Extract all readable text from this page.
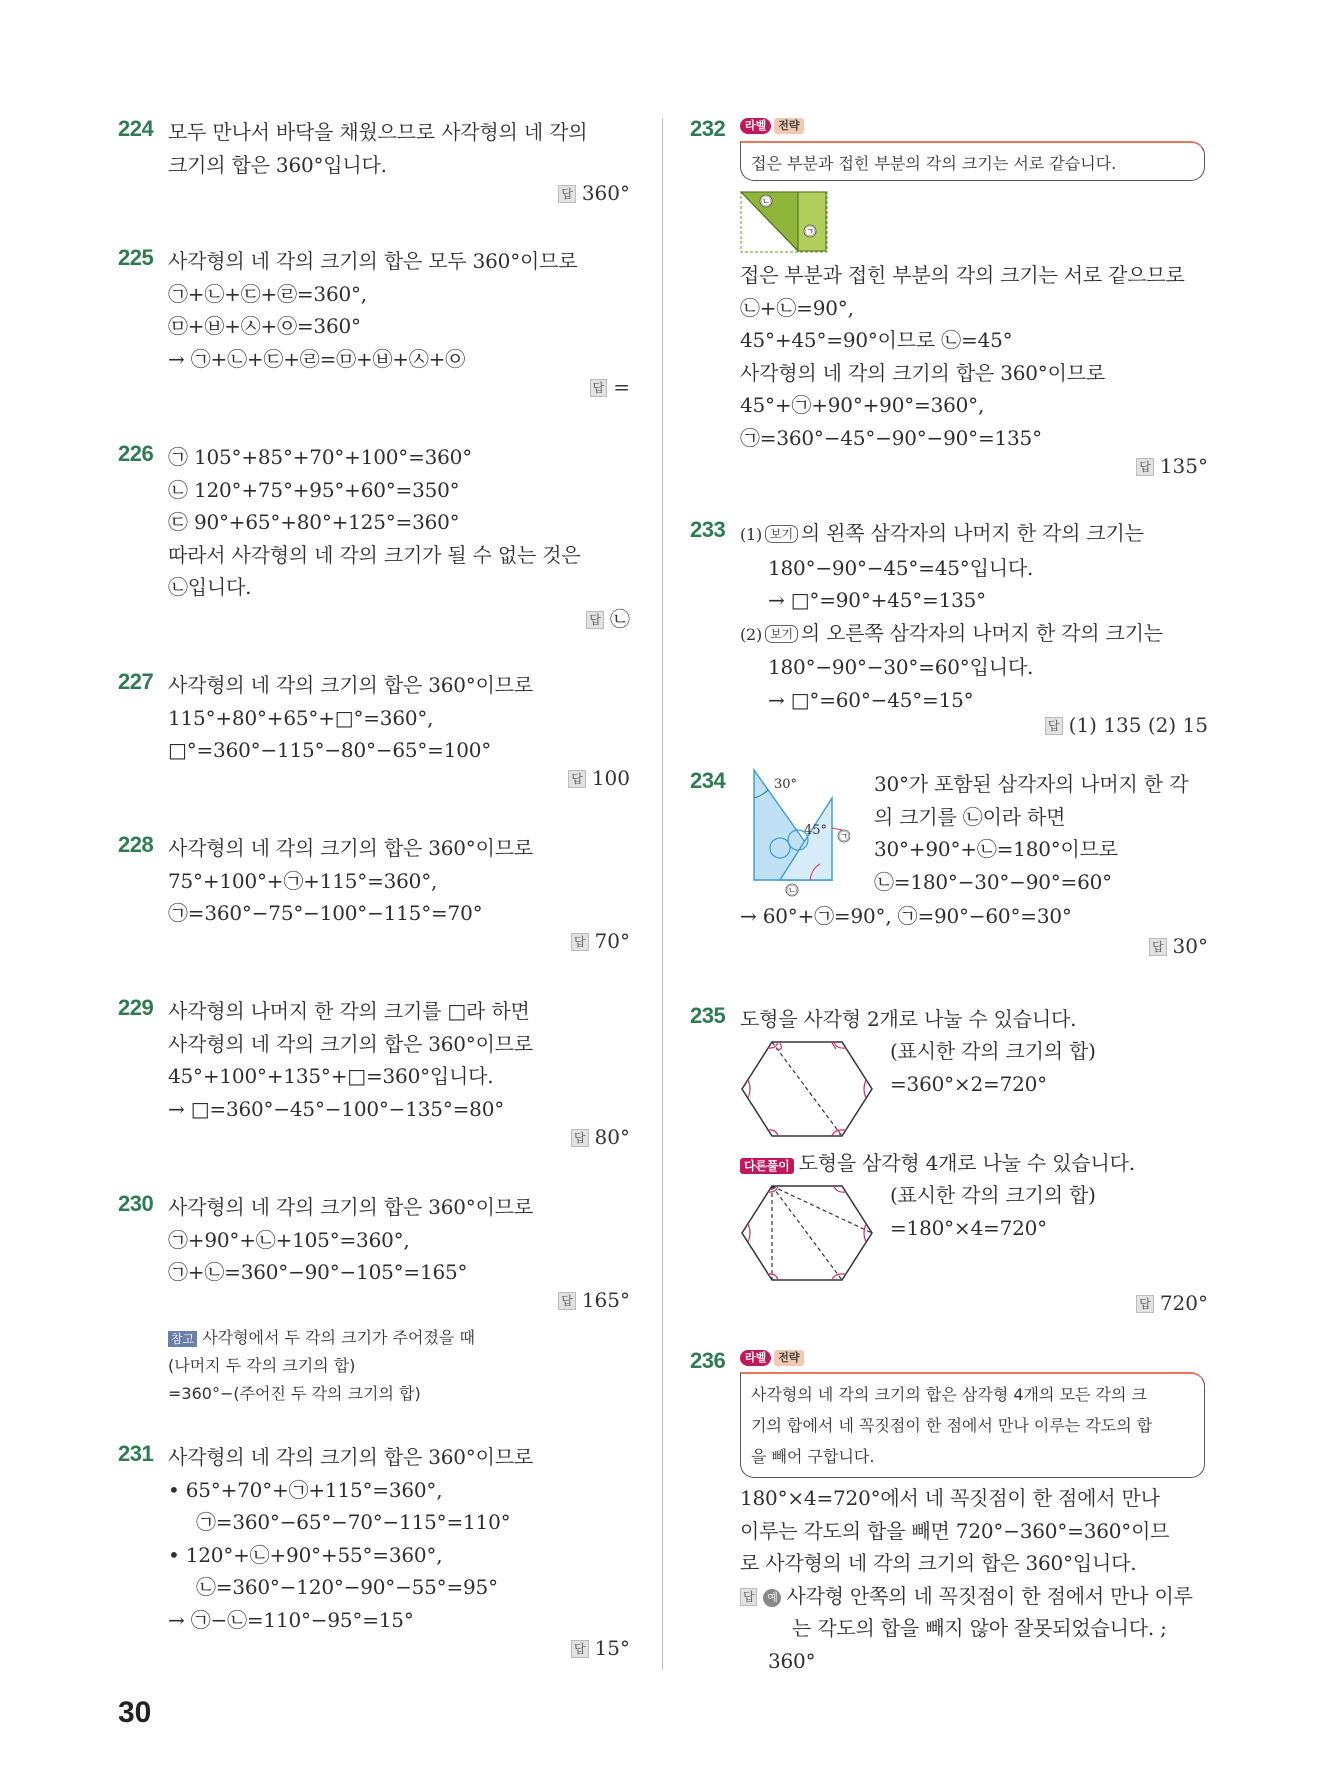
224 모두 만나서 바닥을 채웠으므로 사각형의 네 각의
크기의 합은 360°입니다.
답 360°
225 사각형의 네 각의 크기의 합은 모두 360°이므로
㉠+㉡+㉢+㉣=360°,
㉤+㉥+㉦+㉧=360°
→ ㉠+㉡+㉢+㉣=㉤+㉥+㉦+㉧
답 =
226 ㉠ 105°+85°+70°+100°=360°
㉡ 120°+75°+95°+60°=350°
㉢ 90°+65°+80°+125°=360°
따라서 사각형의 네 각의 크기가 될 수 없는 것은
㉡입니다.
답 ㉡
227 사각형의 네 각의 크기의 합은 360°이므로
115°+80°+65°+□°=360°,
□°=360°−115°−80°−65°=100°
답 100
228 사각형의 네 각의 크기의 합은 360°이므로
75°+100°+㉠+115°=360°,
㉠=360°−75°−100°−115°=70°
답 70°
229 사각형의 나머지 한 각의 크기를 □라 하면
사각형의 네 각의 크기의 합은 360°이므로
45°+100°+135°+□=360°입니다.
→ □=360°−45°−100°−135°=80°
답 80°
230 사각형의 네 각의 크기의 합은 360°이므로
㉠+90°+㉡+105°=360°,
㉠+㉡=360°−90°−105°=165°
답 165°
참고 사각형에서 두 각의 크기가 주어졌을 때
(나머지 두 각의 크기의 합)
=360°−(주어진 두 각의 크기의 합)
231 사각형의 네 각의 크기의 합은 360°이므로
• 65°+70°+㉠+115°=360°,
㉠=360°−65°−70°−115°=110°
• 120°+㉡+90°+55°=360°,
㉡=360°−120°−90°−55°=95°
→ ㉠−㉡=110°−95°=15°
답 15°
232	라벨	전략
접은 부분과 접힌 부분의 각의 크기는 서로 같습니다.
㉡
㉠
접은 부분과 접힌 부분의 각의 크기는 서로 같으므로
㉡+㉡=90°,
45°+45°=90°이므로 ㉡=45°
사각형의 네 각의 크기의 합은 360°이므로
45°+㉠+90°+90°=360°,
㉠=360°−45°−90°−90°=135°
답 135°
233 (1) 보기 의 왼쪽 삼각자의 나머지 한 각의 크기는
180°−90°−45°=45°입니다.
→ □°=90°+45°=135°
(2) 보기 의 오른쪽 삼각자의 나머지 한 각의 크기는
180°−90°−30°=60°입니다.
→ □°=60°−45°=15°
답 (1) 135 (2) 15
234	30°
45° ㉠
㉡
30°가 포함된 삼각자의 나머지 한 각
의 크기를 ㉡이라 하면
30°+90°+㉡=180°이므로
㉡=180°−30°−90°=60°
→ 60°+㉠=90°, ㉠=90°−60°=30°
답 30°
235 도형을 사각형 2개로 나눌 수 있습니다.
(표시한 각의 크기의 합)
=360°×2=720°
다른풀이 도형을 삼각형 4개로 나눌 수 있습니다.
(표시한 각의 크기의 합)
=180°×4=720°
답 720°
236	라벨	전략
사각형의 네 각의 크기의 합은 삼각형 4개의 모든 각의 크
기의 합에서 네 꼭짓점이 한 점에서 만나 이루는 각도의 합
을 빼어 구합니다.
180°×4=720°에서 네 꼭짓점이 한 점에서 만나
이루는 각도의 합을 빼면 720°−360°=360°이므
로 사각형의 네 각의 크기의 합은 360°입니다.
답 예 사각형 안쪽의 네 꼭짓점이 한 점에서 만나 이루
는 각도의 합을 빼지 않아 잘못되었습니다. ;
360°
30
